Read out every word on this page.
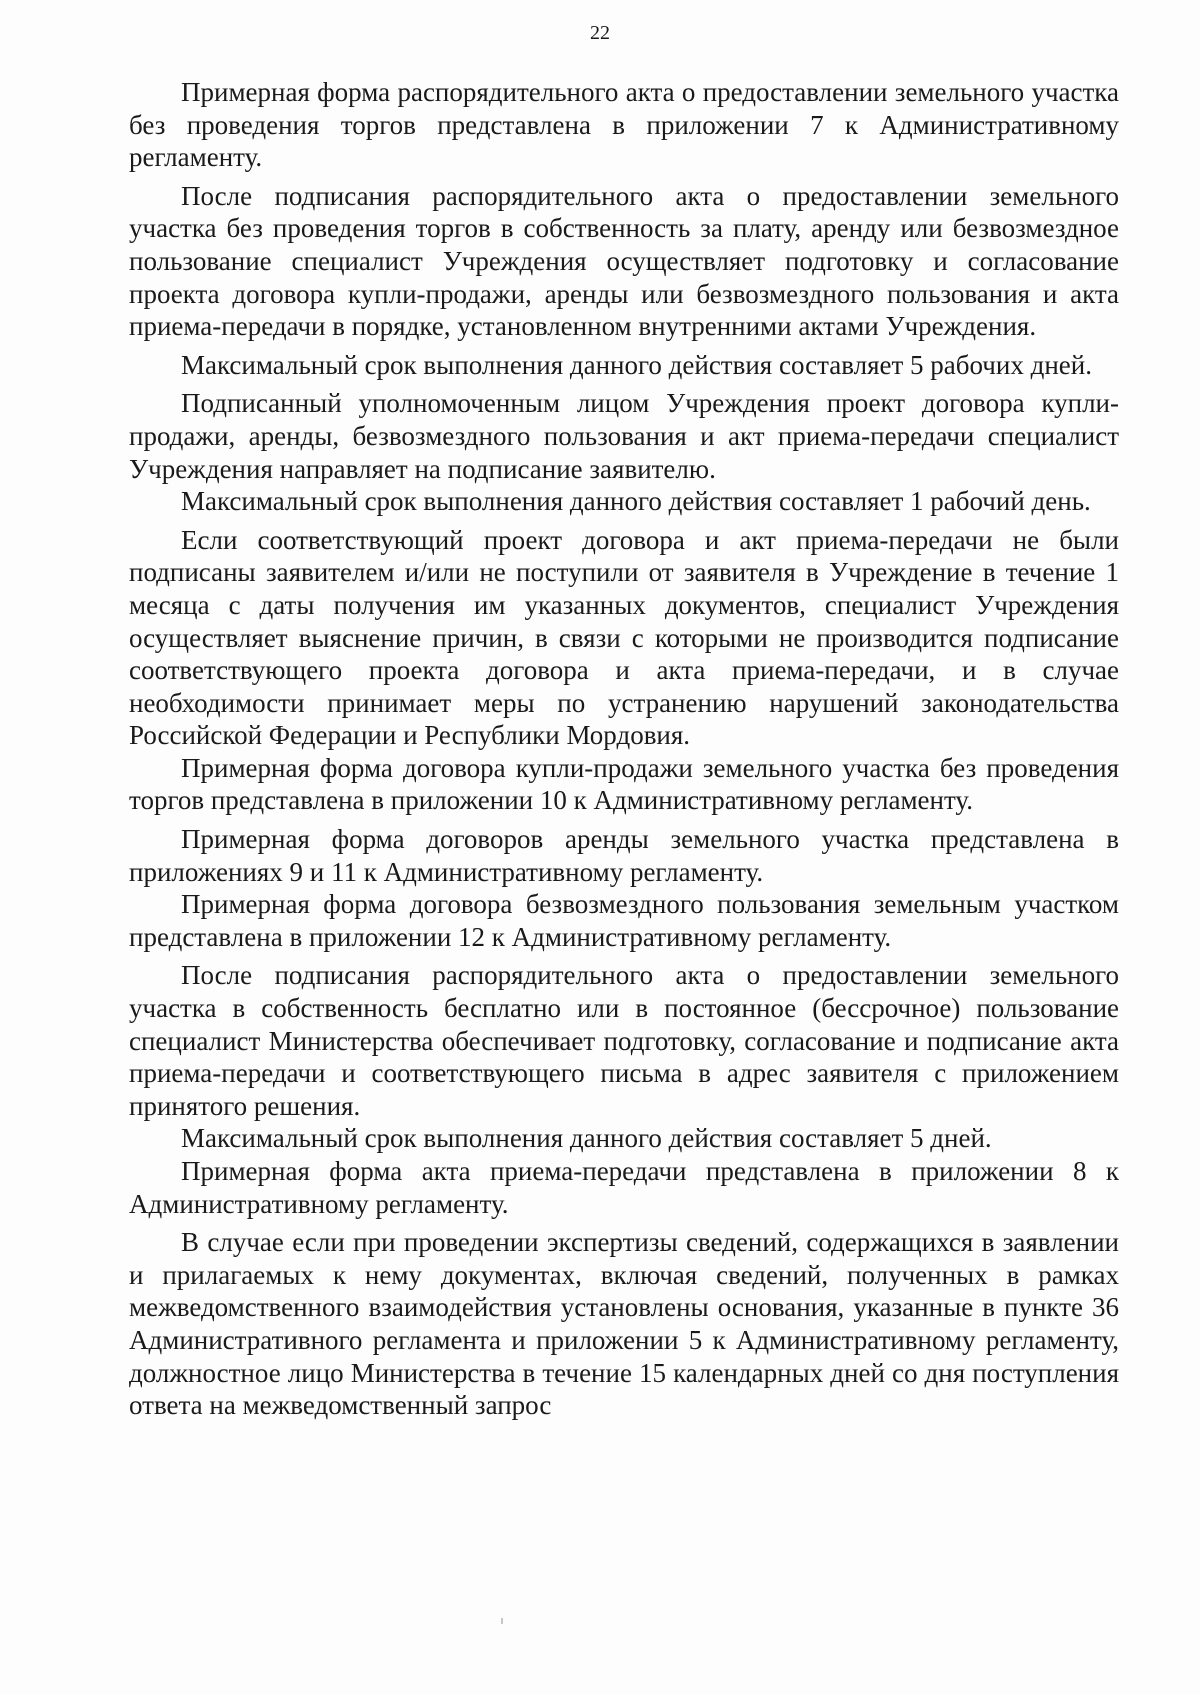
22

Примерная форма распорядительного акта о предоставлении земельного участка без проведения торгов представлена в приложении 7 к Административному регламенту.

После подписания распорядительного акта о предоставлении земельного участка без проведения торгов в собственность за плату, аренду или безвозмездное пользование специалист Учреждения осуществляет подготовку и согласование проекта договора купли-продажи, аренды или безвозмездного пользования и акта приема-передачи в порядке, установленном внутренними актами Учреждения.

Максимальный срок выполнения данного действия составляет 5 рабочих дней.

Подписанный уполномоченным лицом Учреждения проект договора купли-продажи, аренды, безвозмездного пользования и акт приема-передачи специалист Учреждения направляет на подписание заявителю.

Максимальный срок выполнения данного действия составляет 1 рабочий день.

Если соответствующий проект договора и акт приема-передачи не были подписаны заявителем и/или не поступили от заявителя в Учреждение в течение 1 месяца с даты получения им указанных документов, специалист Учреждения осуществляет выяснение причин, в связи с которыми не производится подписание соответствующего проекта договора и акта приема-передачи, и в случае необходимости принимает меры по устранению нарушений законодательства Российской Федерации и Республики Мордовия.

Примерная форма договора купли-продажи земельного участка без проведения торгов представлена в приложении 10 к Административному регламенту.

Примерная форма договоров аренды земельного участка представлена в приложениях 9 и 11 к Административному регламенту.

Примерная форма договора безвозмездного пользования земельным участком представлена в приложении 12 к Административному регламенту.

После подписания распорядительного акта о предоставлении земельного участка в собственность бесплатно или в постоянное (бессрочное) пользование специалист Министерства обеспечивает подготовку, согласование и подписание акта приема-передачи и соответствующего письма в адрес заявителя с приложением принятого решения.

Максимальный срок выполнения данного действия составляет 5 дней.

Примерная форма акта приема-передачи представлена в приложении 8 к Административному регламенту.

В случае если при проведении экспертизы сведений, содержащихся в заявлении и прилагаемых к нему документах, включая сведений, полученных в рамках межведомственного взаимодействия установлены основания, указанные в пункте 36 Административного регламента и приложении 5 к Административному регламенту, должностное лицо Министерства в течение 15 календарных дней со дня поступления ответа на межведомственный запрос
